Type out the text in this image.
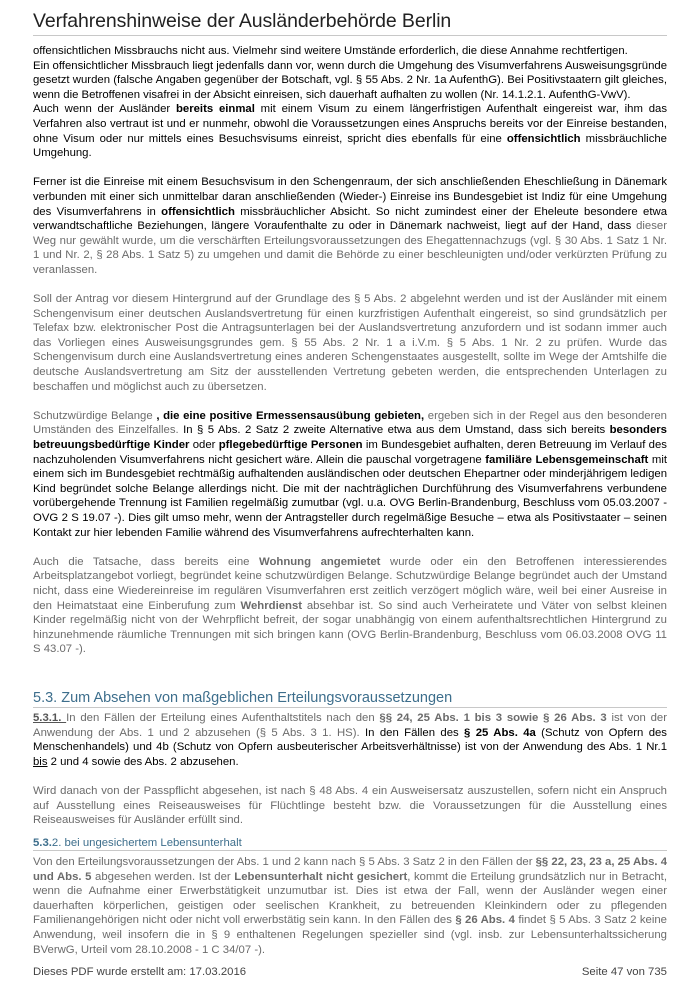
Verfahrenshinweise der Ausländerbehörde Berlin

offensichtlichen Missbrauchs nicht aus. Vielmehr sind weitere Umstände erforderlich, die diese Annahme rechtfertigen.

Ein offensichtlicher Missbrauch liegt jedenfalls dann vor, wenn durch die Umgehung des Visumverfahrens Ausweisungsgründe gesetzt wurden (falsche Angaben gegenüber der Botschaft, vgl. § 55 Abs. 2 Nr. 1a AufenthG). Bei Positivstaatern gilt gleiches, wenn die Betroffenen visafrei in der Absicht einreisen, sich dauerhaft aufhalten zu wollen (Nr. 14.1.2.1. AufenthG-VwV).

Auch wenn der Ausländer bereits einmal mit einem Visum zu einem längerfristigen Aufenthalt eingereist war, ihm das Verfahren also vertraut ist und er nunmehr, obwohl die Voraussetzungen eines Anspruchs bereits vor der Einreise bestanden, ohne Visum oder nur mittels eines Besuchsvisums einreist, spricht dies ebenfalls für eine offensichtlich missbräuchliche Umgehung.

Ferner ist die Einreise mit einem Besuchsvisum in den Schengenraum, der sich anschließenden Eheschließung in Dänemark verbunden mit einer sich unmittelbar daran anschließenden (Wieder-) Einreise ins Bundesgebiet ist Indiz für eine Umgehung des Visumverfahrens in offensichtlich missbräuchlicher Absicht. So nicht zumindest einer der Eheleute besondere etwa verwandtschaftliche Beziehungen, längere Voraufenthalte zu oder in Dänemark nachweist, liegt auf der Hand, dass dieser Weg nur gewählt wurde, um die verschärften Erteilungsvoraussetzungen des Ehegattennachzugs (vgl. § 30 Abs. 1 Satz 1 Nr. 1 und Nr. 2, § 28 Abs. 1 Satz 5) zu umgehen und damit die Behörde zu einer beschleunigten und/oder verkürzten Prüfung zu veranlassen.

Soll der Antrag vor diesem Hintergrund auf der Grundlage des § 5 Abs. 2 abgelehnt werden und ist der Ausländer mit einem Schengenvisum einer deutschen Auslandsvertretung für einen kurzfristigen Aufenthalt eingereist, so sind grundsätzlich per Telefax bzw. elektronischer Post die Antragsunterlagen bei der Auslandsvertretung anzufordern und ist sodann immer auch das Vorliegen eines Ausweisungsgrundes gem. § 55 Abs. 2 Nr. 1 a i.V.m. § 5 Abs. 1 Nr. 2 zu prüfen. Wurde das Schengenvisum durch eine Auslandsvertretung eines anderen Schengenstaates ausgestellt, sollte im Wege der Amtshilfe die deutsche Auslandsvertretung am Sitz der ausstellenden Vertretung gebeten werden, die entsprechenden Unterlagen zu beschaffen und möglichst auch zu übersetzen.

Schutzwürdige Belange , die eine positive Ermessensausübung gebieten, ergeben sich in der Regel aus den besonderen Umständen des Einzelfalles. In § 5 Abs. 2 Satz 2 zweite Alternative etwa aus dem Umstand, dass sich bereits besonders betreuungsbedürftige Kinder oder pflegebedürftige Personen im Bundesgebiet aufhalten, deren Betreuung im Verlauf des nachzuholenden Visumverfahrens nicht gesichert wäre. Allein die pauschal vorgetragene familiäre Lebensgemeinschaft mit einem sich im Bundesgebiet rechtmäßig aufhaltenden ausländischen oder deutschen Ehepartner oder minderjährigem ledigen Kind begründet solche Belange allerdings nicht. Die mit der nachträglichen Durchführung des Visumverfahrens verbundene vorübergehende Trennung ist Familien regelmäßig zumutbar (vgl. u.a. OVG Berlin-Brandenburg, Beschluss vom 05.03.2007 - OVG 2 S 19.07 -). Dies gilt umso mehr, wenn der Antragsteller durch regelmäßige Besuche – etwa als Positivstaater – seinen Kontakt zur hier lebenden Familie während des Visumverfahrens aufrechterhalten kann.

Auch die Tatsache, dass bereits eine Wohnung angemietet wurde oder ein den Betroffenen interessierendes Arbeitsplatzangebot vorliegt, begründet keine schutzwürdigen Belange. Schutzwürdige Belange begründet auch der Umstand nicht, dass eine Wiedereinreise im regulären Visumverfahren erst zeitlich verzögert möglich wäre, weil bei einer Ausreise in den Heimatstaat eine Einberufung zum Wehrdienst absehbar ist. So sind auch Verheiratete und Väter von selbst kleinen Kinder regelmäßig nicht von der Wehrpflicht befreit, der sogar unabhängig von einem aufenthaltsrechtlichen Hintergrund zu hinzunehmende räumliche Trennungen mit sich bringen kann (OVG Berlin-Brandenburg, Beschluss vom 06.03.2008 OVG 11 S 43.07 -).

5.3. Zum Absehen von maßgeblichen Erteilungsvoraussetzungen

5.3.1. In den Fällen der Erteilung eines Aufenthaltstitels nach den §§ 24, 25 Abs. 1 bis 3 sowie § 26 Abs. 3 ist von der Anwendung der Abs. 1 und 2 abzusehen (§ 5 Abs. 3 1. HS). In den Fällen des § 25 Abs. 4a (Schutz von Opfern des Menschenhandels) und 4b (Schutz von Opfern ausbeuterischer Arbeitsverhältnisse) ist von der Anwendung des Abs. 1 Nr.1 bis 2 und 4 sowie des Abs. 2 abzusehen.

Wird danach von der Passpflicht abgesehen, ist nach § 48 Abs. 4 ein Ausweisersatz auszustellen, sofern nicht ein Anspruch auf Ausstellung eines Reiseausweises für Flüchtlinge besteht bzw. die Voraussetzungen für die Ausstellung eines Reiseausweises für Ausländer erfüllt sind.

5.3.2. bei ungesichertem Lebensunterhalt

Von den Erteilungsvoraussetzungen der Abs. 1 und 2 kann nach § 5 Abs. 3 Satz 2 in den Fällen der §§ 22, 23, 23 a, 25 Abs. 4 und Abs. 5 abgesehen werden. Ist der Lebensunterhalt nicht gesichert, kommt die Erteilung grundsätzlich nur in Betracht, wenn die Aufnahme einer Erwerbstätigkeit unzumutbar ist. Dies ist etwa der Fall, wenn der Ausländer wegen einer dauerhaften körperlichen, geistigen oder seelischen Krankheit, zu betreuenden Kleinkindern oder zu pflegenden Familienangehörigen nicht oder nicht voll erwerbstätig sein kann. In den Fällen des § 26 Abs. 4 findet § 5 Abs. 3 Satz 2 keine Anwendung, weil insofern die in § 9 enthaltenen Regelungen spezieller sind (vgl. insb. zur Lebensunterhaltssicherung BVerwG, Urteil vom 28.10.2008 - 1 C 34/07 -).

Dieses PDF wurde erstellt am: 17.03.2016	Seite 47 von 735
